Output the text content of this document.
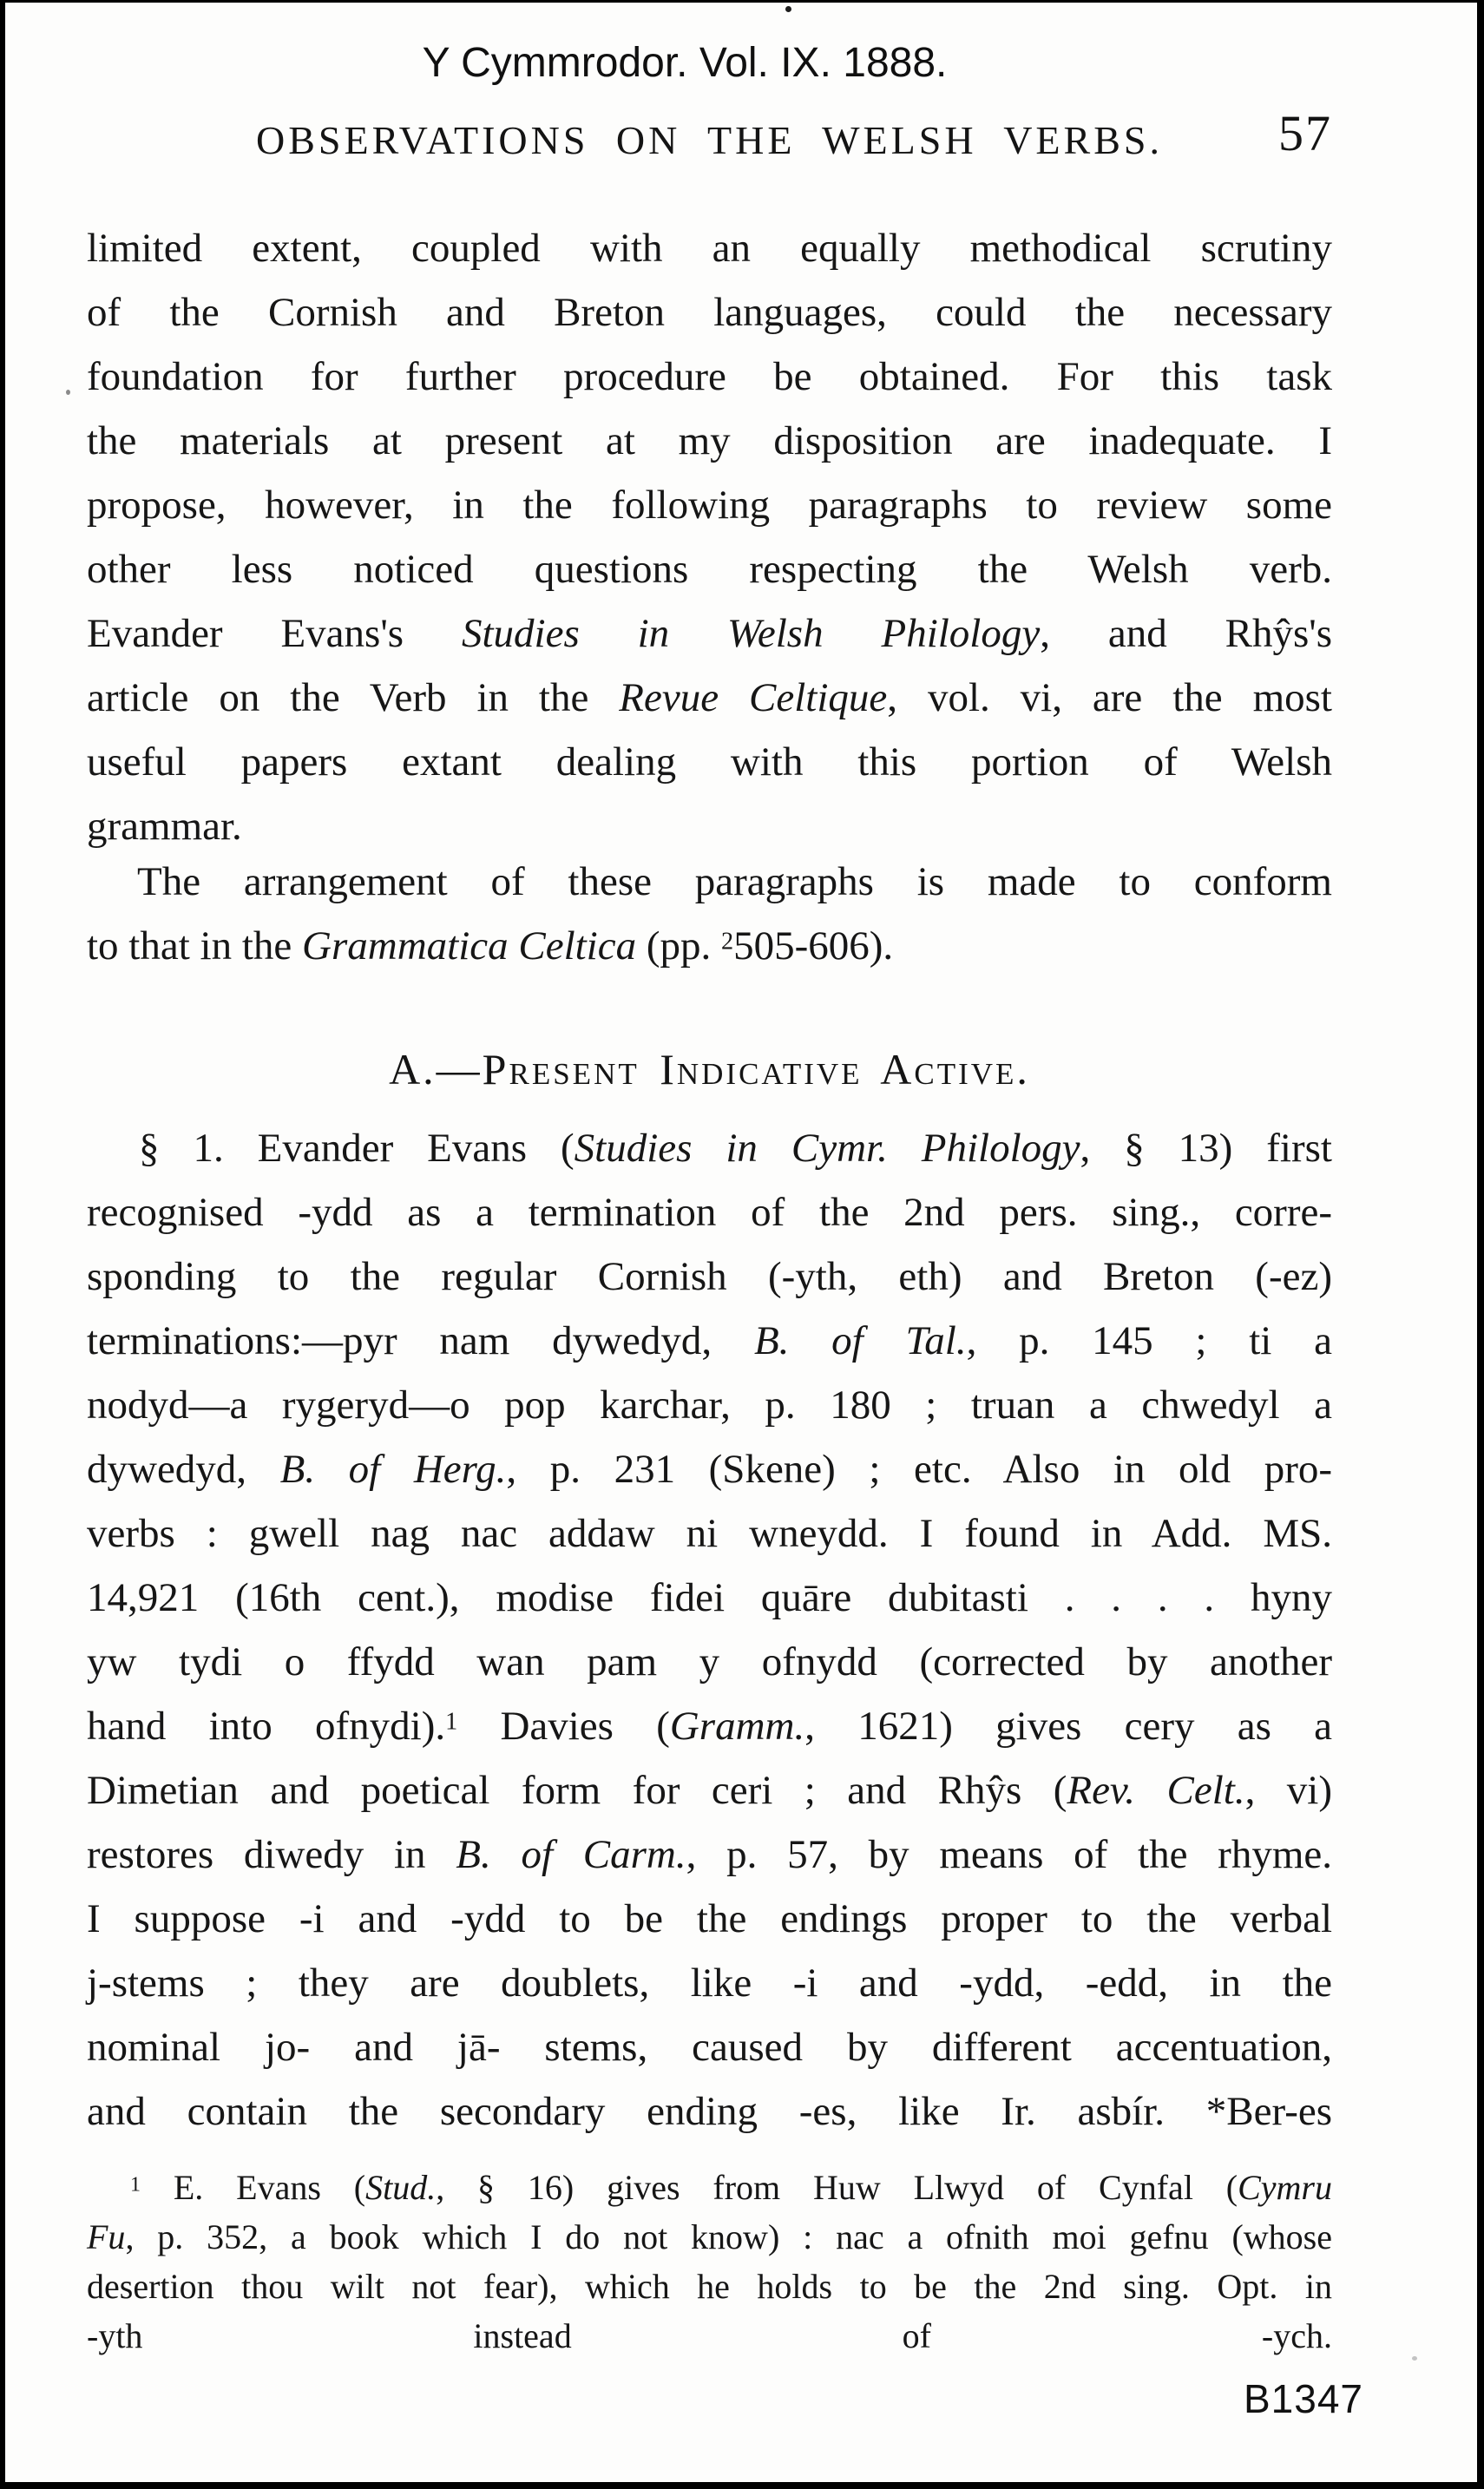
Y Cymmrodor. Vol. IX. 1888.
OBSERVATIONS ON THE WELSH VERBS.	57
limited extent, coupled with an equally methodical scrutiny
of the Cornish and Breton languages, could the necessary
foundation for further procedure be obtained. For this task
the materials at present at my disposition are inadequate. I
propose, however, in the following paragraphs to review some
other less noticed questions respecting the Welsh verb.
Evander Evans's Studies in Welsh Philology, and Rhŷs's
article on the Verb in the Revue Celtique, vol. vi, are the most
useful papers extant dealing with this portion of Welsh
grammar.
The arrangement of these paragraphs is made to conform
to that in the Grammatica Celtica (pp. $^2$505-606).
A.—Present Indicative Active.
§ 1. Evander Evans (Studies in Cymr. Philology, § 13) first
recognised -ydd as a termination of the 2nd pers. sing., corre-
sponding to the regular Cornish (-yth, eth) and Breton (-ez)
terminations:—pyr nam dywedyd, B. of Tal., p. 145 ; ti a
nodyd—a rygeryd—o pop karchar, p. 180 ; truan a chwedyl a
dywedyd, B. of Herg., p. 231 (Skene) ; etc. Also in old pro-
verbs : gwell nag nac addaw ni wneydd. I found in Add. MS.
14,921 (16th cent.), modise fidei quāre dubitasti . . . . hyny
yw tydi o ffydd wan pam y ofnydd (corrected by another
hand into ofnydi).$^1$ Davies (Gramm., 1621) gives cery as a
Dimetian and poetical form for ceri ; and Rhŷs (Rev. Celt., vi)
restores diwedy in B. of Carm., p. 57, by means of the rhyme.
I suppose -i and -ydd to be the endings proper to the verbal
j-stems ; they are doublets, like -i and -ydd, -edd, in the
nominal jo- and jā- stems, caused by different accentuation,
and contain the secondary ending -es, like Ir. asbír. *Ber-es
$^1$ E. Evans (Stud., § 16) gives from Huw Llwyd of Cynfal (Cymru
Fu, p. 352, a book which I do not know) : nac a ofnith moi gefnu (whose
desertion thou wilt not fear), which he holds to be the 2nd sing. Opt. in
-yth instead of -ych.
B1347
